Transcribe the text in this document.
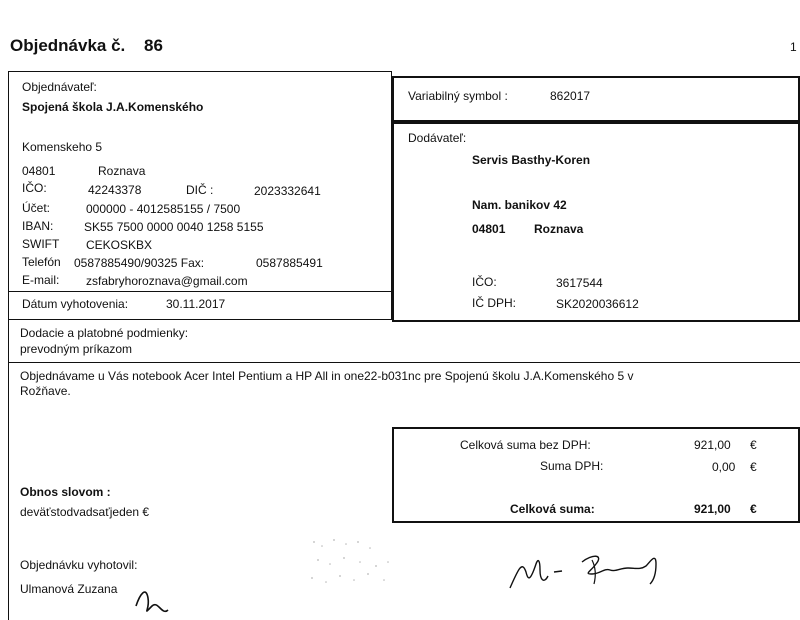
Objednávka č. 86	1
Objednávateľ:
Spojená škola J.A.Komenského
Komenskeho 5
04801	Roznava
IČO:	42243378	DIČ :	2023332641
Účet:	000000 - 4012585155 / 7500
IBAN:	SK55 7500 0000 0040 1258 5155
SWIFT CEKOSKBX
Telefón 0587885490/90325 Fax:	0587885491
E-mail: zsfabryhoroznava@gmail.com
Dátum vyhotovenia:	30.11.2017
Variabilný symbol :	862017
Dodávateľ:
Servis Basthy-Koren
Nam. banikov 42
04801 Roznava
IČO:	3617544
IČ DPH:	SK2020036612
Dodacie a platobné podmienky:
prevodným príkazom
Objednávame u Vás notebook Acer Intel Pentium a HP All in one22-b031nc pre Spojenú školu J.A.Komenského 5 v
Rožňave.
Celková suma bez DPH:	921,00 €
Suma DPH:	0,00 €
Celková suma:	921,00 €
Obnos slovom :
deväťstodvadsaťjeden €
Objednávku vyhotovil:
Ulmanová Zuzana
